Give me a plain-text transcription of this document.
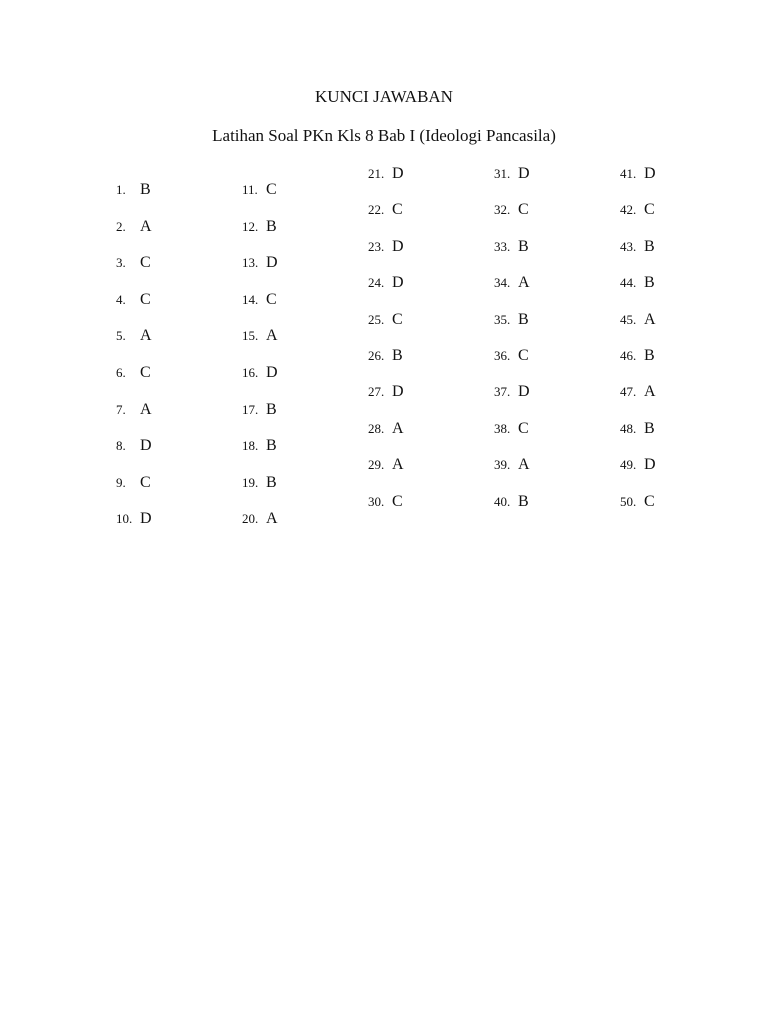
KUNCI JAWABAN
Latihan Soal PKn Kls 8 Bab I (Ideologi Pancasila)
1. B
2. A
3. C
4. C
5. A
6. C
7. A
8. D
9. C
10. D
11. C
12. B
13. D
14. C
15. A
16. D
17. B
18. B
19. B
20. A
21. D
22. C
23. D
24. D
25. C
26. B
27. D
28. A
29. A
30. C
31. D
32. C
33. B
34. A
35. B
36. C
37. D
38. C
39. A
40. B
41. D
42. C
43. B
44. B
45. A
46. B
47. A
48. B
49. D
50. C
